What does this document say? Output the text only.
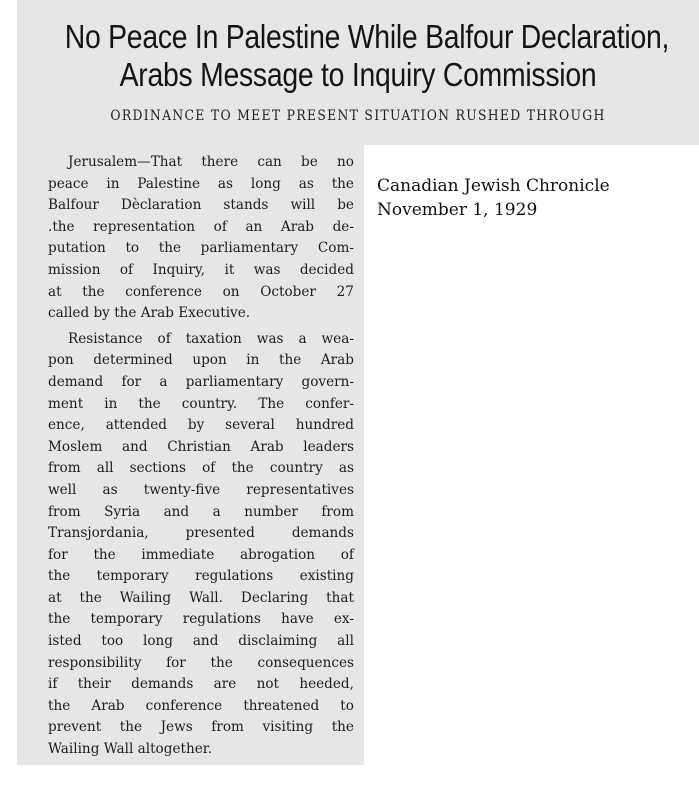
No Peace In Palestine While Balfour Declaration,
Arabs Message to Inquiry Commission
ORDINANCE TO MEET PRESENT SITUATION RUSHED THROUGH
Jerusalem—That there can be no
peace in Palestine as long as the
Balfour Dèclaration stands will be
.the representation of an Arab de-
putation to the parliamentary Com-
mission of Inquiry, it was decided
at the conference on October 27
called by the Arab Executive.
Resistance of taxation was a wea-
pon determined upon in the Arab
demand for a parliamentary govern-
ment in the country. The confer-
ence, attended by several hundred
Moslem and Christian Arab leaders
from all sections of the country as
well as twenty-five representatives
from Syria and a number from
Transjordania,	presented	demands
for the immediate abrogation of
the temporary regulations existing
at the Wailing Wall. Declaring that
the temporary regulations have ex-
isted too long and disclaiming all
responsibility for the consequences
if their demands are not heeded,
the Arab conference threatened to
prevent the Jews from visiting the
Wailing Wall altogether.
Canadian Jewish Chronicle
November 1, 1929
